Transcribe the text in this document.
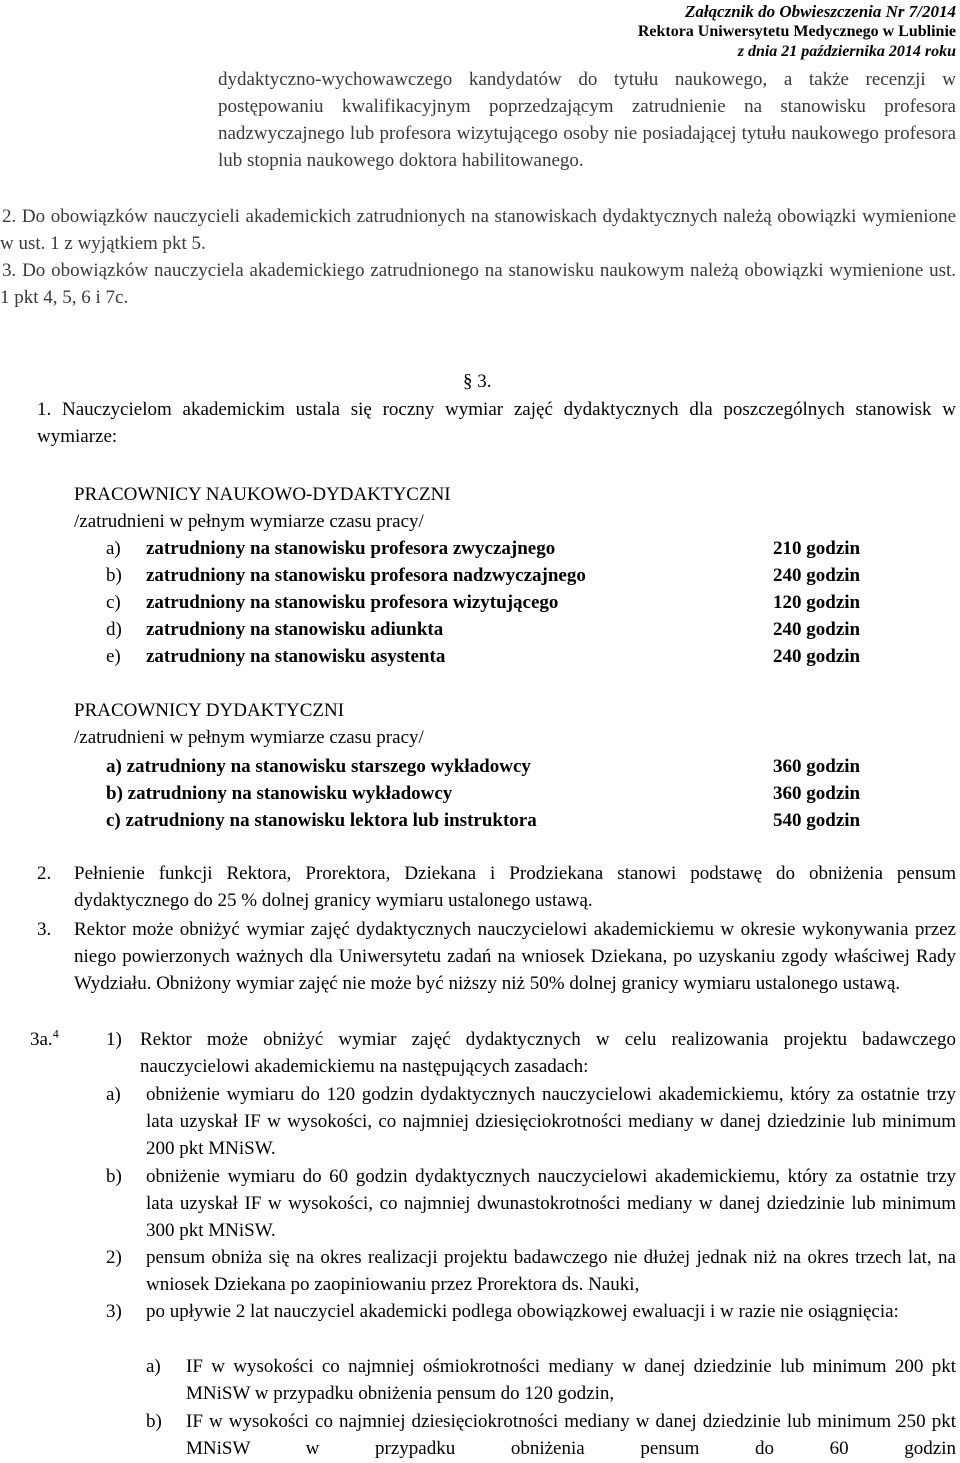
Załącznik do Obwieszczenia Nr 7/2014
Rektora Uniwersytetu Medycznego w Lublinie
z dnia 21 października 2014 roku
dydaktyczno-wychowawczego kandydatów do tytułu naukowego, a także recenzji w postępowaniu kwalifikacyjnym poprzedzającym zatrudnienie na stanowisku profesora nadzwyczajnego lub profesora wizytującego osoby nie posiadającej tytułu naukowego profesora lub stopnia naukowego doktora habilitowanego.
2. Do obowiązków nauczycieli akademickich zatrudnionych na stanowiskach dydaktycznych należą obowiązki wymienione w ust. 1 z wyjątkiem pkt 5.
3. Do obowiązków nauczyciela akademickiego zatrudnionego na stanowisku naukowym należą obowiązki wymienione ust. 1 pkt 4, 5, 6 i 7c.
§ 3.
1. Nauczycielom akademickim ustala się roczny wymiar zajęć dydaktycznych dla poszczególnych stanowisk w wymiarze:
PRACOWNICY NAUKOWO-DYDAKTYCZNI
/zatrudnieni w pełnym wymiarze czasu pracy/
a) zatrudniony na stanowisku profesora zwyczajnego	210 godzin
b) zatrudniony na stanowisku profesora nadzwyczajnego	240 godzin
c) zatrudniony na stanowisku profesora wizytującego	120 godzin
d) zatrudniony na stanowisku adiunkta	240 godzin
e) zatrudniony na stanowisku asystenta	240 godzin
PRACOWNICY DYDAKTYCZNI
/zatrudnieni w pełnym wymiarze czasu pracy/
a) zatrudniony na stanowisku starszego wykładowcy	360 godzin
b) zatrudniony na stanowisku wykładowcy	360 godzin
c) zatrudniony na stanowisku lektora lub instruktora	540 godzin
2. Pełnienie funkcji Rektora, Prorektora, Dziekana i Prodziekana stanowi podstawę do obniżenia pensum dydaktycznego do 25 % dolnej granicy wymiaru ustalonego ustawą.
3. Rektor może obniżyć wymiar zajęć dydaktycznych nauczycielowi akademickiemu w okresie wykonywania przez niego powierzonych ważnych dla Uniwersytetu zadań na wniosek Dziekana, po uzyskaniu zgody właściwej Rady Wydziału. Obniżony wymiar zajęć nie może być niższy niż 50% dolnej granicy wymiaru ustalonego ustawą.
3a.$^4$ 1) Rektor może obniżyć wymiar zajęć dydaktycznych w celu realizowania projektu badawczego nauczycielowi akademickiemu na następujących zasadach:
a) obniżenie wymiaru do 120 godzin dydaktycznych nauczycielowi akademickiemu, który za ostatnie trzy lata uzyskał IF w wysokości, co najmniej dziesięciokrotności mediany w danej dziedzinie lub minimum 200 pkt MNiSW.
b) obniżenie wymiaru do 60 godzin dydaktycznych nauczycielowi akademickiemu, który za ostatnie trzy lata uzyskał IF w wysokości, co najmniej dwunastokrotności mediany w danej dziedzinie lub minimum 300 pkt MNiSW.
2) pensum obniża się na okres realizacji projektu badawczego nie dłużej jednak niż na okres trzech lat, na wniosek Dziekana po zaopiniowaniu przez Prorektora ds. Nauki,
3) po upływie 2 lat nauczyciel akademicki podlega obowiązkowej ewaluacji i w razie nie osiągnięcia:
a) IF w wysokości co najmniej ośmiokrotności mediany w danej dziedzinie lub minimum 200 pkt MNiSW w przypadku obniżenia pensum do 120 godzin,
b) IF w wysokości co najmniej dziesięciokrotności mediany w danej dziedzinie lub minimum 250 pkt MNiSW w przypadku obniżenia pensum do 60 godzin
